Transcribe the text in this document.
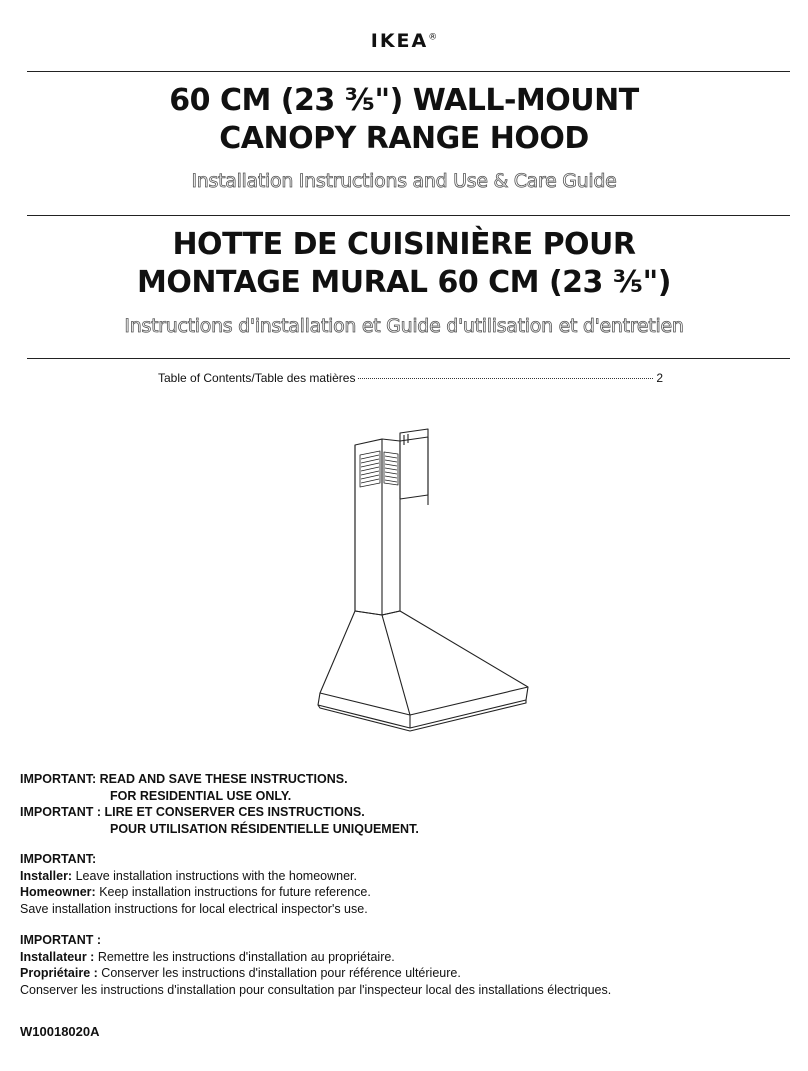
IKEA®
60 CM (23 ³⁄₅") WALL-MOUNT
CANOPY RANGE HOOD
Installation Instructions and Use & Care Guide
HOTTE DE CUISINIÈRE POUR
MONTAGE MURAL 60 CM (23 ³⁄₅")
Instructions d'installation et Guide d'utilisation et d'entretien
Table of Contents/Table des matières	2
IMPORTANT: READ AND SAVE THESE INSTRUCTIONS.
FOR RESIDENTIAL USE ONLY.
IMPORTANT : LIRE ET CONSERVER CES INSTRUCTIONS.
POUR UTILISATION RÉSIDENTIELLE UNIQUEMENT.
IMPORTANT:
Installer: Leave installation instructions with the homeowner.
Homeowner: Keep installation instructions for future reference.
Save installation instructions for local electrical inspector's use.
IMPORTANT :
Installateur : Remettre les instructions d'installation au propriétaire.
Propriétaire : Conserver les instructions d'installation pour référence ultérieure.
Conserver les instructions d'installation pour consultation par l'inspecteur local des installations électriques.
W10018020A
